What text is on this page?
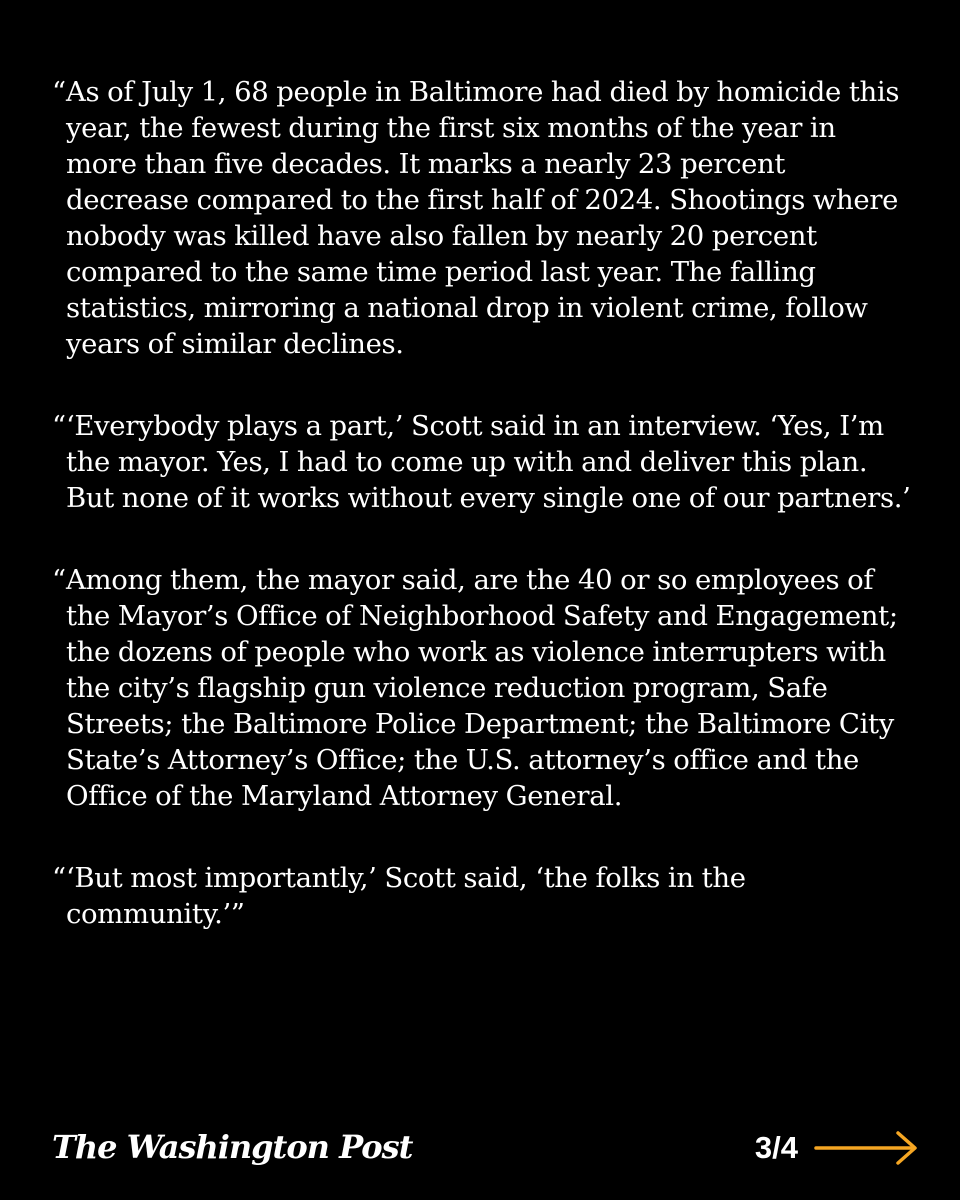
“ As of July 1, 68 people in Baltimore had died by homicide this year, the fewest during the first six months of the year in more than five decades. It marks a nearly 23 percent decrease compared to the first half of 2024. Shootings where nobody was killed have also fallen by nearly 20 percent compared to the same time period last year. The falling statistics, mirroring a national drop in violent crime, follow years of similar declines.

“ ‘Everybody plays a part,’ Scott said in an interview. ‘Yes, I’m the mayor. Yes, I had to come up with and deliver this plan. But none of it works without every single one of our partners.’

“ Among them, the mayor said, are the 40 or so employees of the Mayor’s Office of Neighborhood Safety and Engagement; the dozens of people who work as violence interrupters with the city’s flagship gun violence reduction program, Safe Streets; the Baltimore Police Department; the Baltimore City State’s Attorney’s Office; the U.S. attorney’s office and the Office of the Maryland Attorney General.

“ ‘But most importantly,’ Scott said, ‘the folks in the community.’”

The Washington Post	3/4
